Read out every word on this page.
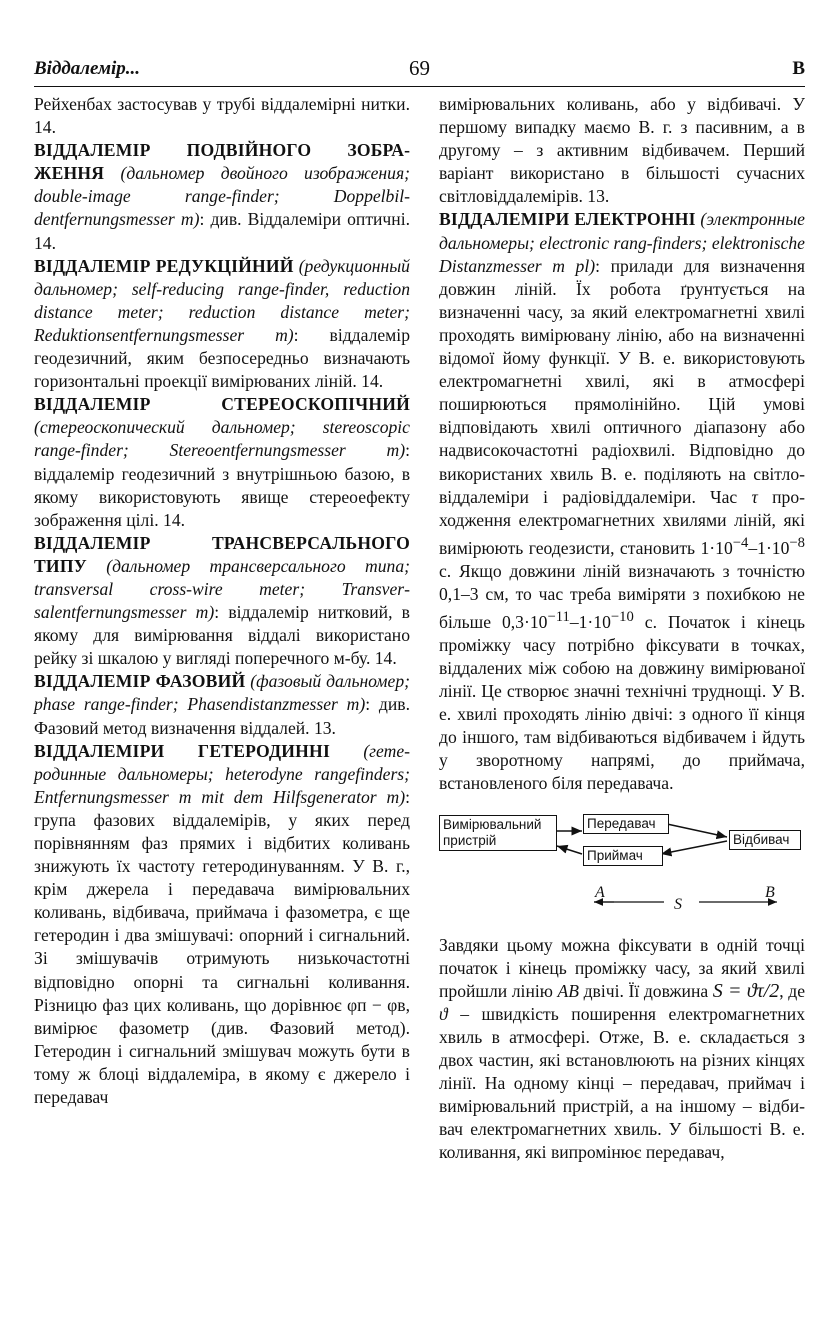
Віддалемір...	69	В

Рейхенбах застосував у трубі віддалемірні нитки. 14.

ВІДДАЛЕМІР ПОДВІЙНОГО ЗОБРАЖЕННЯ (дальномер двойного изображения; double-image range-finder; Doppelbildentfernungsmesser m): див. Віддалеміри оптичні. 14.

ВІДДАЛЕМІР РЕДУКЦІЙНИЙ (редукционный дальномер; self-reducing range-finder, reduction distance meter; reduction distance meter; Reduktionsentfernungsmesser m): віддалемір геодезичний, яким безпосередньо визначають горизонтальні проекції вимірюваних ліній. 14.

ВІДДАЛЕМІР СТЕРЕОСКОПІЧНИЙ (стереоскопический дальномер; stereoscopic range-finder; Stereoentfernungsmesser m): віддалемір геодезичний з внутрішньою базою, в якому використовують явище стереоефекту зображення цілі. 14.

ВІДДАЛЕМІР ТРАНСВЕРСАЛЬНОГО ТИПУ (дальномер трансверсального типа; transversal cross-wire meter; Transversalentfernungsmesser m): віддалемір нитковий, в якому для вимірювання віддалі використано рейку зі шкалою у вигляді поперечного м-бу. 14.

ВІДДАЛЕМІР ФАЗОВИЙ (фазовый дальномер; phase range-finder; Phasendistanzmesser m): див. Фазовий метод визначення віддалей. 13.

ВІДДАЛЕМІРИ ГЕТЕРОДИННІ (гетеродинные дальномеры; heterodyne rangefinders; Entfernungsmesser m mit dem Hilfsgenerator m): група фазових віддалемірів, у яких перед порівнянням фаз прямих і відбитих коливань знижують їх частоту гетеродинуванням. У В. г., крім джерела і передавача вимірювальних коливань, відбивача, приймача і фазометра, є ще гетеродин і два змішувачі: опорний і сигнальний. Зі змішувачів отримують низькочастотні відповідно опорні та сигнальні коливання. Різницю фаз цих коливань, що дорівнює φп − φв, вимірює фазометр (див. Фазовий метод). Гетеродин і сигнальний змішувач можуть бути в тому ж блоці віддалеміра, в якому є джерело і передавач

вимірювальних коливань, або у відбивачі. У першому випадку маємо В. г. з пасивним, а в другому – з активним відбивачем. Перший варіант використано в більшості сучасних світловіддалемірів. 13.

ВІДДАЛЕМІРИ ЕЛЕКТРОННІ (электронные дальномеры; electronic rang-finders; elektronische Distanzmesser m pl): прилади для визначення довжин ліній. Їх робота ґрунтується на визначенні часу, за який електромагнетні хвилі проходять вимірювану лінію, або на визначенні відомої йому функції. У В. е. використовують електромагнетні хвилі, які в атмосфері поширюються прямолінійно. Цій умові відповідають хвилі оптичного діапазону або надвисокочастотні радіохвилі. Відповідно до використаних хвиль В. е. поділяють на світловіддалеміри і радіовіддалеміри. Час τ проходження електромагнетних хвилями ліній, які вимірюють геодезисти, становить $1\cdot 10^{-4}-1\cdot 10^{-8}$ с. Якщо довжини ліній визначають з точністю 0,1–3 см, то час треба виміряти з похибкою не більше $0,3\cdot 10^{-11}-1\cdot 10^{-10}$ с. Початок і кінець проміжку часу потрібно фіксувати в точках, віддалених між собою на довжину вимірюваної лінії. Це створює значні технічні труднощі. У В. е. хвилі проходять лінію двічі: з одного її кінця до іншого, там відбиваються відбивачем і йдуть у зворотному напрямі, до приймача, встановленого біля передавача.

Вимірювальний пристрій
Передавач
Приймач
Відбивач
A
S
B

Завдяки цьому можна фіксувати в одній точці початок і кінець проміжку часу, за який хвилі пройшли лінію AB двічі. Її довжина S = ϑτ/2, де ϑ – швидкість поширення електромагнетних хвиль в атмосфері. Отже, В. е. складається з двох частин, які встановлюють на різних кінцях лінії. На одному кінці – передавач, приймач і вимірювальний пристрій, а на іншому – відбивач електромагнетних хвиль. У більшості В. е. коливання, які випромінює передавач,
